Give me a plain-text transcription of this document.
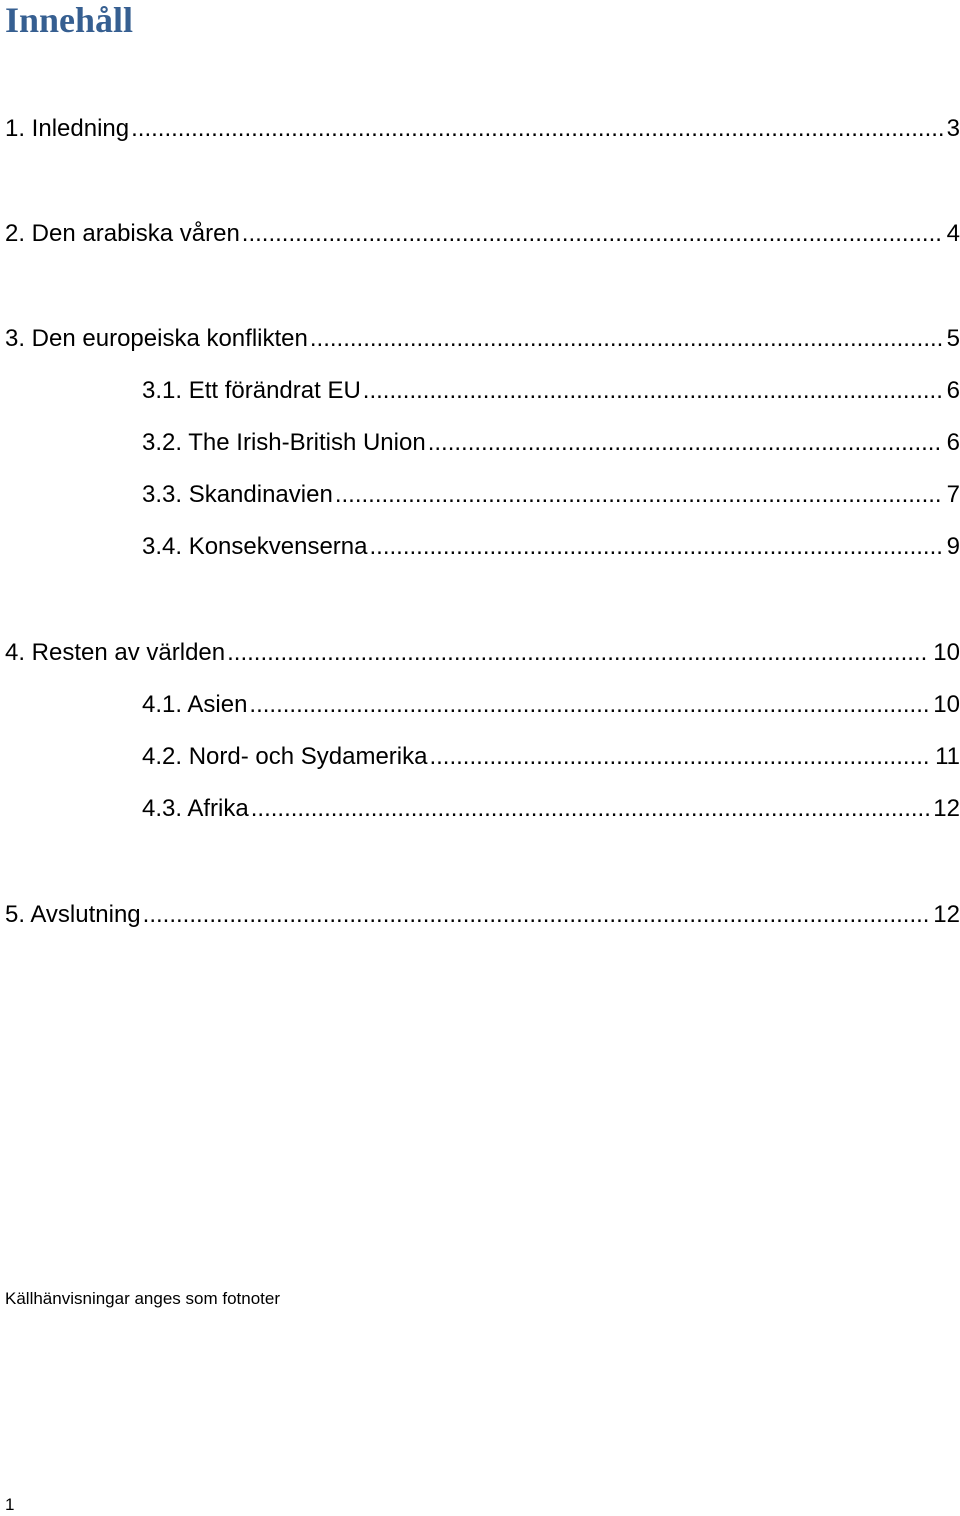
Innehåll
1. Inledning .....	3
2. Den arabiska våren .....	4
3. Den europeiska konflikten .....	5
3.1. Ett förändrat EU .....	6
3.2. The Irish-British Union .....	6
3.3. Skandinavien .....	7
3.4. Konsekvenserna .....	9
4. Resten av världen .....	10
4.1. Asien .....	10
4.2. Nord- och Sydamerika .....	11
4.3. Afrika .....	12
5. Avslutning .....	12
Källhänvisningar anges som fotnoter
1
